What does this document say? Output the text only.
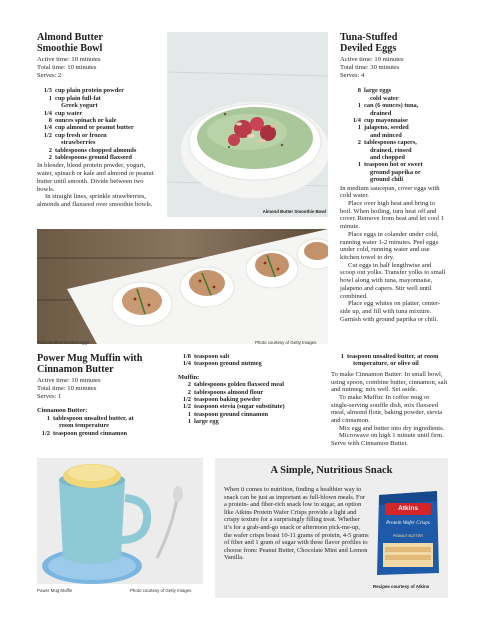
Almond Butter
Smoothie Bowl
Active time: 10 minutes
Total time: 10 minutes
Serves: 2
1/3 cup plain protein powder
1 cup plain full-fat
Greek yogurt
1/4 cup water
8 ounces spinach or kale
1/4 cup almond or peanut butter
1/2 cup fresh or frozen
strawberries
2 tablespoons chopped almonds
2 tablespoons ground flaxseed
In blender, blend protein powder, yogurt, water, spinach or kale and almond or peanut butter until smooth. Divide between two bowls.
In straight lines, sprinkle strawberries, almonds and flaxseed over smoothie bowls.
Almond Butter Smoothie Bowl
Tuna-Stuffed
Deviled Eggs
Active time: 10 minutes
Total time: 30 minutes
Serves: 4
8 large eggs
cold water
1 can (6 ounces) tuna,
drained
1/4 cup mayonnaise
1 jalapeno, seeded
and minced
2 tablespoons capers,
drained, rinsed
and chopped
1 teaspoon hot or sweet
ground paprika or
ground chili
In medium saucepan, cover eggs with cold water.
Place over high heat and bring to boil. When boiling, turn heat off and cover. Remove from heat and let cool 1 minute.
Place eggs in colander under cold, running water 1-2 minutes. Peel eggs under cold, running water and use kitchen towel to dry.
Cut eggs in half lengthwise and scoop out yolks. Transfer yolks to small bowl along with tuna, mayonnaise, jalapeno and capers. Stir well until combined.
Place egg whites on platter, center-side up, and fill with tuna mixture. Garnish with ground paprika or chili.
Tuna-Stuffed Deviled Eggs	Photo courtesy of Getty Images
Power Mug Muffin with
Cinnamon Butter
Active time: 10 minutes
Total time: 10 minutes
Serves: 1
Cinnamon Butter:
1 tablespoon unsalted butter, at
room temperature
1/2 teaspoon ground cinnamon
1/8 teaspoon salt
1/4 teaspoon ground nutmeg
Muffin:
2 tablespoons golden flaxseed meal
2 tablespoons almond flour
1/2 teaspoon baking powder
1/2 teaspoon stevia (sugar substitute)
1 teaspoon ground cinnamon
1 large egg
1 teaspoon unsalted butter, at room
temperature, or olive oil
To make Cinnamon Butter: In small bowl, using spoon, combine butter, cinnamon, salt and nutmeg; mix well. Set aside.
To make Muffin: In coffee mug or single-serving souffle dish, mix flaxseed meal, almond flour, baking powder, stevia and cinnamon.
Mix egg and butter into dry ingredients.
Microwave on high 1 minute until firm. Serve with Cinnamon Butter.
Power Mug Muffin	Photo courtesy of Getty Images
A Simple, Nutritious Snack
When it comes to nutrition, finding a healthier way to snack can be just as important as full-blown meals. For a protein- and fiber-rich snack low in sugar, an option like Atkins Protein Wafer Crisps provide a light and crispy texture for a surprisingly filling treat. Whether it’s for a grab-and-go snack or afternoon pick-me-up, the wafer crisps boast 10-11 grams of protein, 4-5 grams of fiber and 1 gram of sugar with three flavor profiles to choose from: Peanut Butter, Chocolate Mint and Lemon Vanilla.
Atkins
Protein Wafer Crisps
PEANUT BUTTER
Recipes courtesy of Atkins
